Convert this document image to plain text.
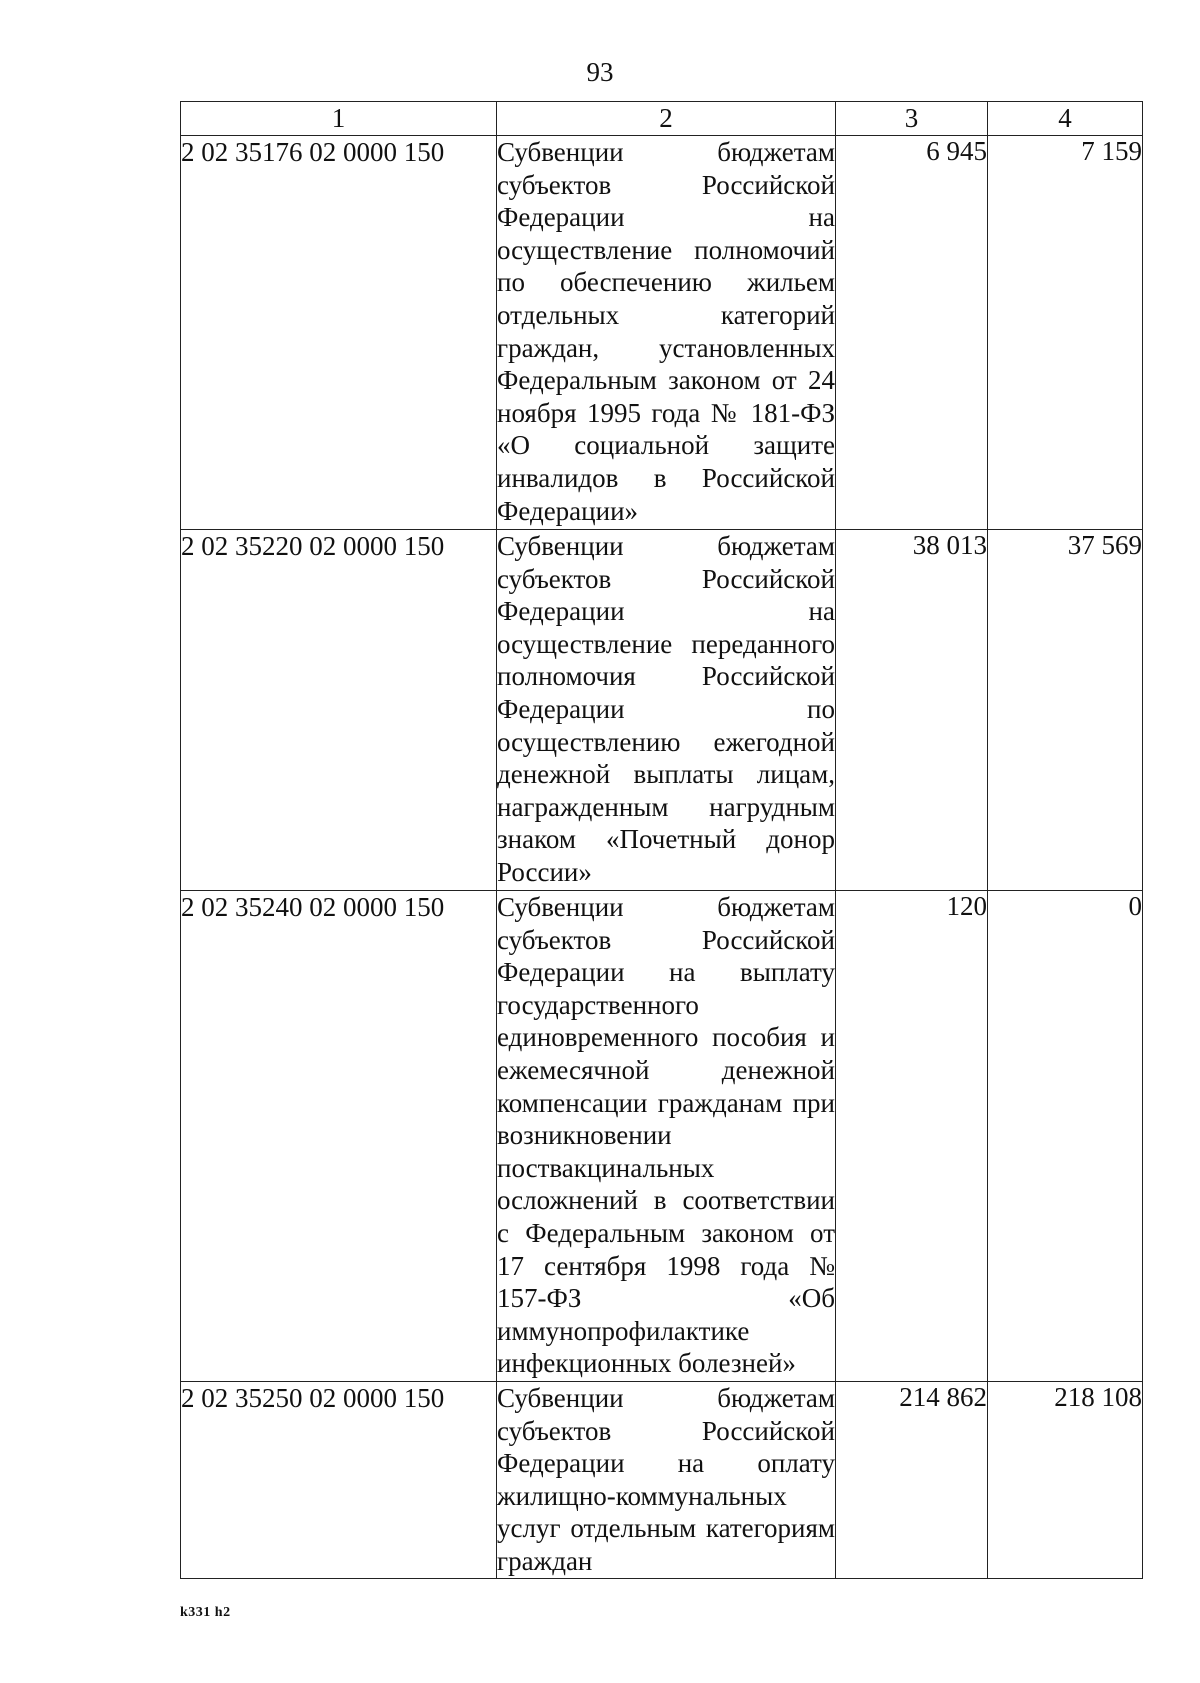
93
1	2	3	4
2 02 35176 02 0000 150	Субвенции бюджетам субъектов Российской Федерации на осуществление полномочий по обеспечению жильем отдельных категорий граждан, установленных Федеральным законом от 24 ноября 1995 года № 181-ФЗ «О социальной защите инвалидов в Российской Федерации»	6 945	7 159
2 02 35220 02 0000 150	Субвенции бюджетам субъектов Российской Федерации на осуществление переданного полномочия Российской Федерации по осуществлению ежегодной денежной выплаты лицам, награжденным нагрудным знаком «Почетный донор России»	38 013	37 569
2 02 35240 02 0000 150	Субвенции бюджетам субъектов Российской Федерации на выплату государственного единовременного пособия и ежемесячной денежной компенсации гражданам при возникновении поствакцинальных осложнений в соответствии с Федеральным законом от 17 сентября 1998 года № 157-ФЗ «Об иммунопрофилактике инфекционных болезней»	120	0
2 02 35250 02 0000 150	Субвенции бюджетам субъектов Российской Федерации на оплату жилищно-коммунальных услуг отдельным категориям граждан	214 862	218 108
k331 h2
